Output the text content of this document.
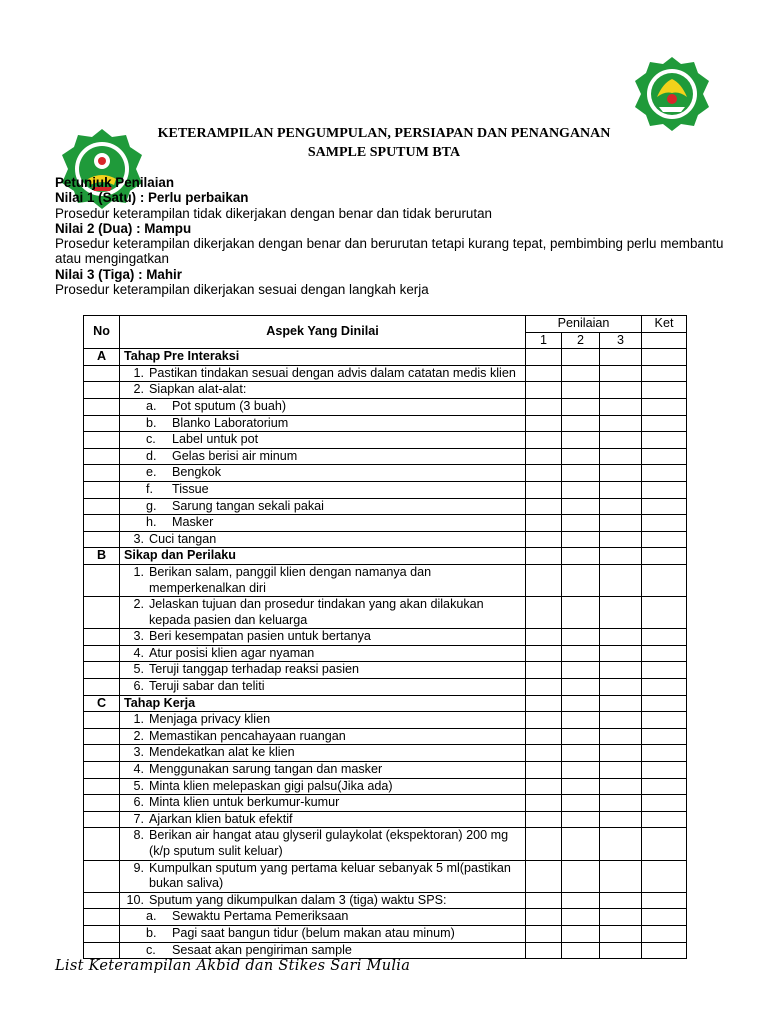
KETERAMPILAN PENGUMPULAN, PERSIAPAN DAN PENANGANAN
SAMPLE SPUTUM BTA
Petunjuk Penilaian
Nilai 1 (Satu) : Perlu perbaikan
Prosedur keterampilan tidak dikerjakan dengan benar dan tidak berurutan
Nilai 2 (Dua) : Mampu
Prosedur keterampilan dikerjakan dengan benar dan berurutan tetapi kurang tepat, pembimbing perlu membantu atau mengingatkan
Nilai 3 (Tiga) : Mahir
Prosedur keterampilan dikerjakan sesuai dengan langkah kerja
No	Aspek Yang Dinilai	Penilaian			Ket
		1	2	3	
A	Tahap Pre Interaksi				

	1. Pastikan tindakan sesuai dengan advis dalam catatan medis klien				

	2. Siapkan alat-alat:				

	a. Pot sputum (3 buah)				

	b. Blanko Laboratorium				

	c. Label untuk pot				

	d. Gelas berisi air minum				

	e. Bengkok				

	f. Tissue				

	g. Sarung tangan sekali pakai				

	h. Masker				

	3. Cuci tangan				

B	Sikap dan Perilaku				

	1. Berikan salam, panggil klien dengan namanya dan memperkenalkan diri				

	2. Jelaskan tujuan dan prosedur tindakan yang akan dilakukan kepada pasien dan keluarga				

	3. Beri kesempatan pasien untuk bertanya				

	4. Atur posisi klien agar nyaman				

	5. Teruji tanggap terhadap reaksi pasien				

	6. Teruji sabar dan teliti				

C	Tahap Kerja				

	1. Menjaga privacy klien				

	2. Memastikan pencahayaan ruangan				

	3. Mendekatkan alat ke klien				

	4. Menggunakan sarung tangan dan masker				

	5. Minta klien melepaskan gigi palsu(Jika ada)				

	6. Minta klien untuk berkumur-kumur				

	7. Ajarkan klien batuk efektif				

	8. Berikan air hangat atau glyseril gulaykolat (ekspektoran) 200 mg (k/p sputum sulit keluar)				

	9. Kumpulkan sputum yang pertama keluar sebanyak 5 ml(pastikan bukan saliva)				

	10. Sputum yang dikumpulkan dalam 3 (tiga) waktu SPS:				

	a. Sewaktu Pertama Pemeriksaan				

	b. Pagi saat bangun tidur (belum makan atau minum)				

	c. Sesaat akan pengiriman sample				

List Keterampilan Akbid dan Stikes Sari Mulia
